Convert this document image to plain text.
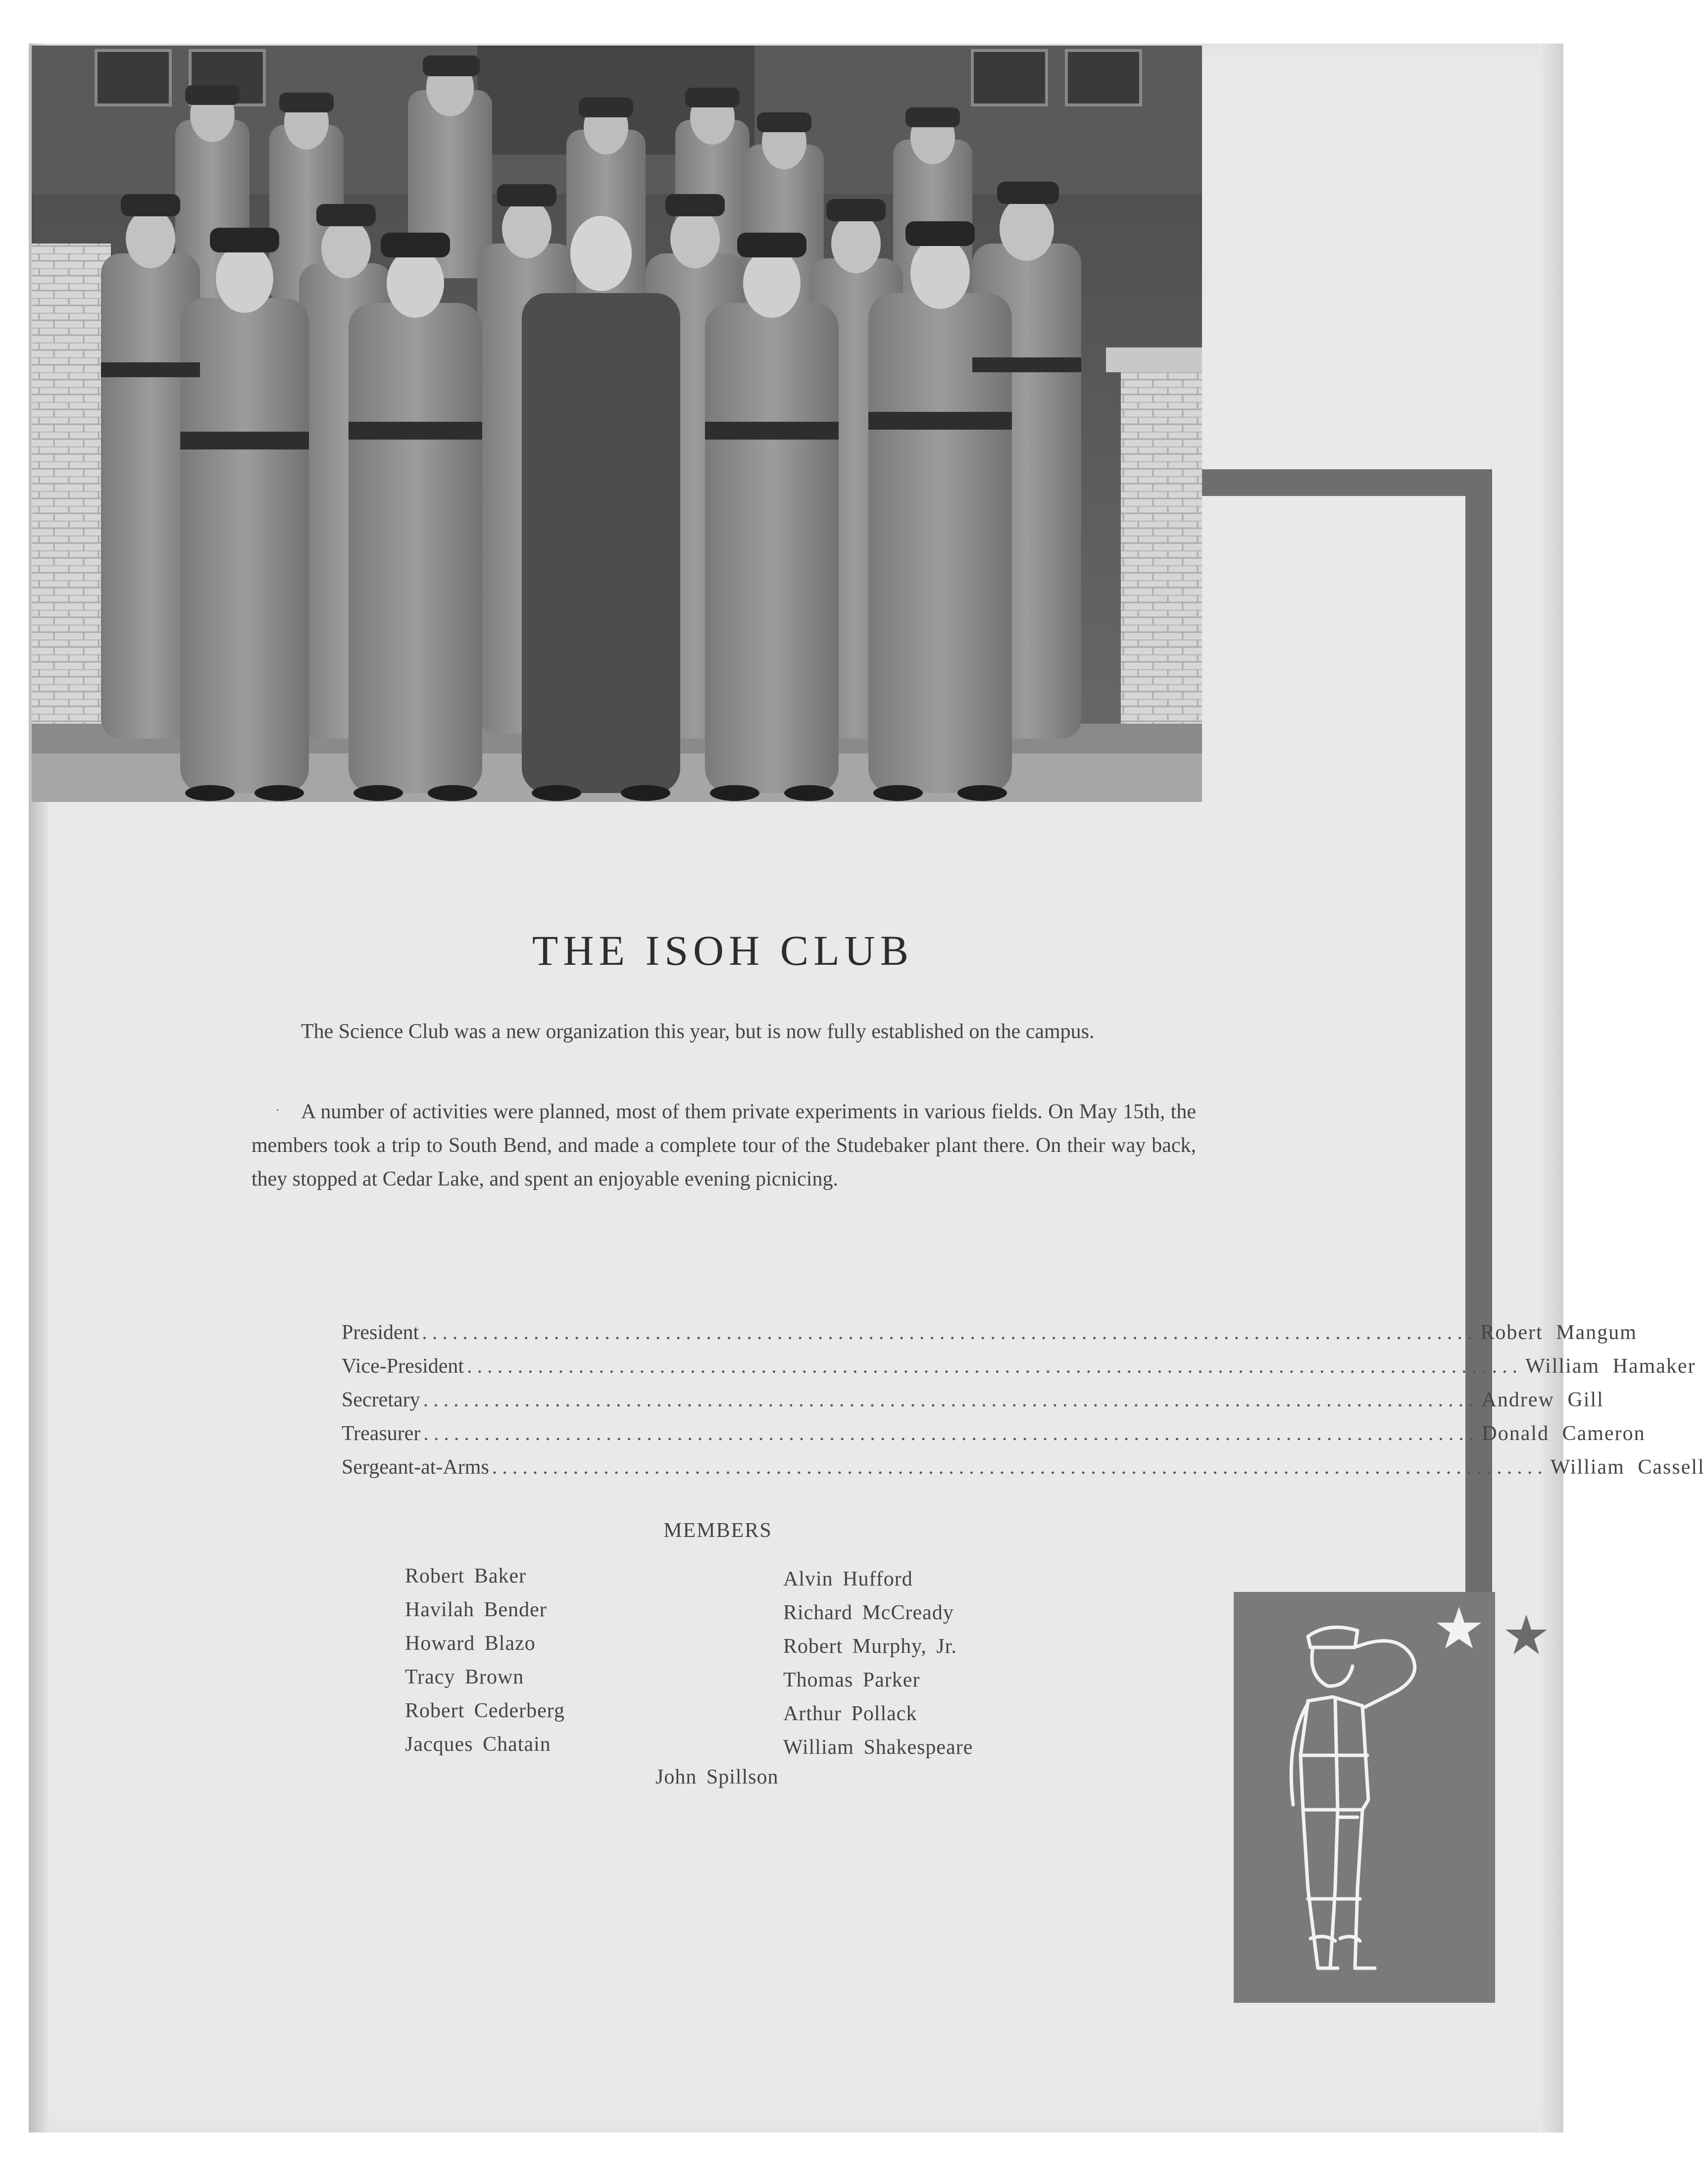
THE ISOH CLUB

The Science Club was a new organization this year, but is now fully established on the campus.

·	A number of activities were planned, most of them private experiments in various fields. On May 15th, the members took a trip to South Bend, and made a complete tour of the Studebaker plant there. On their way back, they stopped at Cedar Lake, and spent an enjoyable evening picnicing.

President ........................................................................................................ Robert Mangum
Vice-President ........................................................................................................ William Hamaker
Secretary ........................................................................................................ Andrew Gill
Treasurer ........................................................................................................ Donald Cameron
Sergeant-at-Arms ........................................................................................................ William Cassell
MEMBERS
Robert Baker
Havilah Bender
Howard Blazo
Tracy Brown
Robert Cederberg
Jacques Chatain
Alvin Hufford
Richard McCready
Robert Murphy, Jr.
Thomas Parker
Arthur Pollack
William Shakespeare
John Spillson
